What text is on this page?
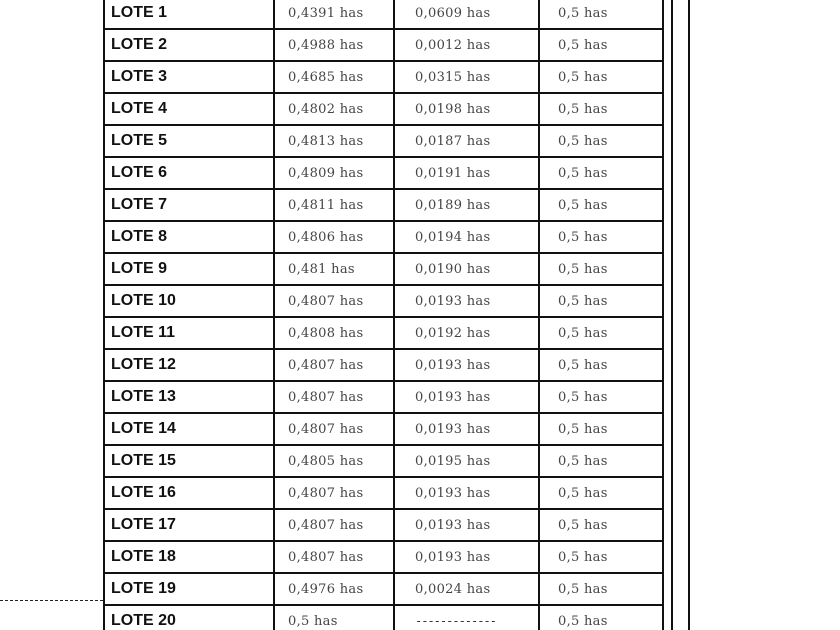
LOTE 1	0,4391 has	0,0609 has	0,5 has
LOTE 2	0,4988 has	0,0012 has	0,5 has
LOTE 3	0,4685 has	0,0315 has	0,5 has
LOTE 4	0,4802 has	0,0198 has	0,5 has
LOTE 5	0,4813 has	0,0187 has	0,5 has
LOTE 6	0,4809 has	0,0191 has	0,5 has
LOTE 7	0,4811 has	0,0189 has	0,5 has
LOTE 8	0,4806 has	0,0194 has	0,5 has
LOTE 9	0,481 has	0,0190 has	0,5 has
LOTE 10	0,4807 has	0,0193 has	0,5 has
LOTE 11	0,4808 has	0,0192 has	0,5 has
LOTE 12	0,4807 has	0,0193 has	0,5 has
LOTE 13	0,4807 has	0,0193 has	0,5 has
LOTE 14	0,4807 has	0,0193 has	0,5 has
LOTE 15	0,4805 has	0,0195 has	0,5 has
LOTE 16	0,4807 has	0,0193 has	0,5 has
LOTE 17	0,4807 has	0,0193 has	0,5 has
LOTE 18	0,4807 has	0,0193 has	0,5 has
LOTE 19	0,4976 has	0,0024 has	0,5 has
LOTE 20	0,5 has	-------------	0,5 has
